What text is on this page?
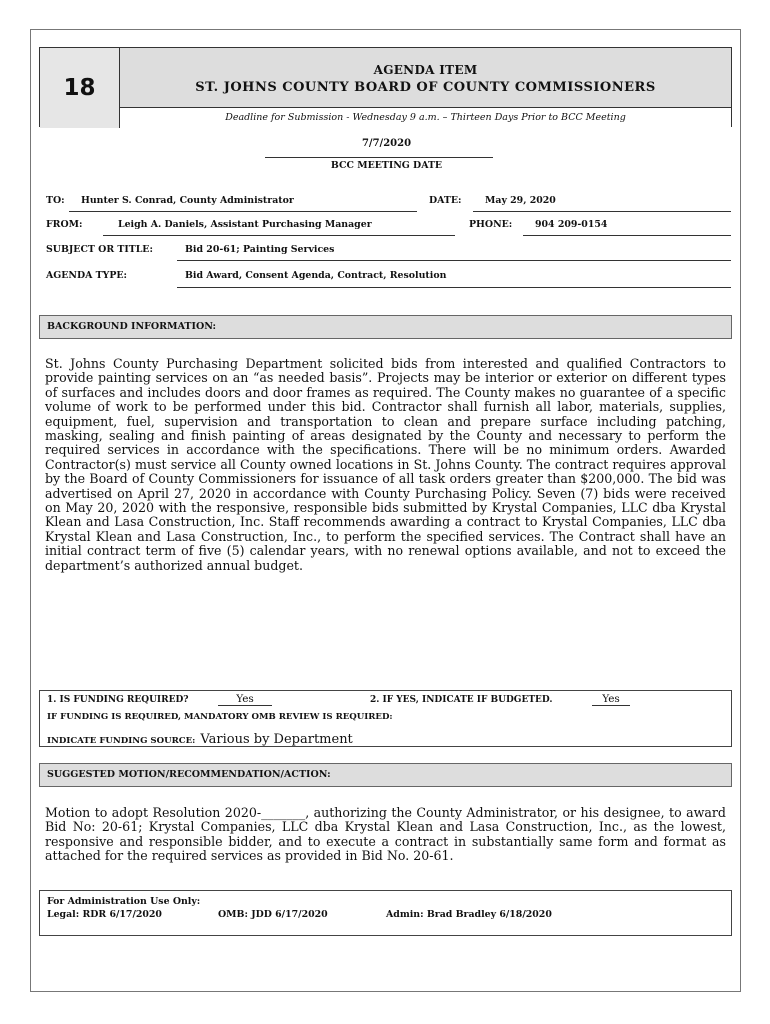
18
AGENDA ITEM
ST. JOHNS COUNTY BOARD OF COUNTY COMMISSIONERS
Deadline for Submission - Wednesday 9 a.m. – Thirteen Days Prior to BCC Meeting
7/7/2020
BCC MEETING DATE
TO: Hunter S. Conrad, County Administrator	DATE:	May 29, 2020
FROM:	Leigh A. Daniels, Assistant Purchasing Manager	PHONE: 904 209-0154
SUBJECT OR TITLE:	Bid 20-61; Painting Services
AGENDA TYPE:	Bid Award, Consent Agenda, Contract, Resolution
BACKGROUND INFORMATION:
St. Johns County Purchasing Department solicited bids from interested and qualified Contractors to provide painting services on an “as needed basis”. Projects may be interior or exterior on different types of surfaces and includes doors and door frames as required. The County makes no guarantee of a specific volume of work to be performed under this bid. Contractor shall furnish all labor, materials, supplies, equipment, fuel, supervision and transportation to clean and prepare surface including patching, masking, sealing and finish painting of areas designated by the County and necessary to perform the required services in accordance with the specifications. There will be no minimum orders. Awarded Contractor(s) must service all County owned locations in St. Johns County. The contract requires approval by the Board of County Commissioners for issuance of all task orders greater than $200,000. The bid was advertised on April 27, 2020 in accordance with County Purchasing Policy. Seven (7) bids were received on May 20, 2020 with the responsive, responsible bids submitted by Krystal Companies, LLC dba Krystal Klean and Lasa Construction, Inc. Staff recommends awarding a contract to Krystal Companies, LLC dba Krystal Klean and Lasa Construction, Inc., to perform the specified services. The Contract shall have an initial contract term of five (5) calendar years, with no renewal options available, and not to exceed the department’s authorized annual budget.
1. IS FUNDING REQUIRED?	Yes	2. IF YES, INDICATE IF BUDGETED.	Yes
IF FUNDING IS REQUIRED, MANDATORY OMB REVIEW IS REQUIRED:
INDICATE FUNDING SOURCE: Various by Department
SUGGESTED MOTION/RECOMMENDATION/ACTION:
Motion to adopt Resolution 2020-_______, authorizing the County Administrator, or his designee, to award Bid No: 20-61; Krystal Companies, LLC dba Krystal Klean and Lasa Construction, Inc., as the lowest, responsive and responsible bidder, and to execute a contract in substantially same form and format as attached for the required services as provided in Bid No. 20-61.
For Administration Use Only:
Legal: RDR 6/17/2020	OMB: JDD 6/17/2020	Admin: Brad Bradley 6/18/2020
